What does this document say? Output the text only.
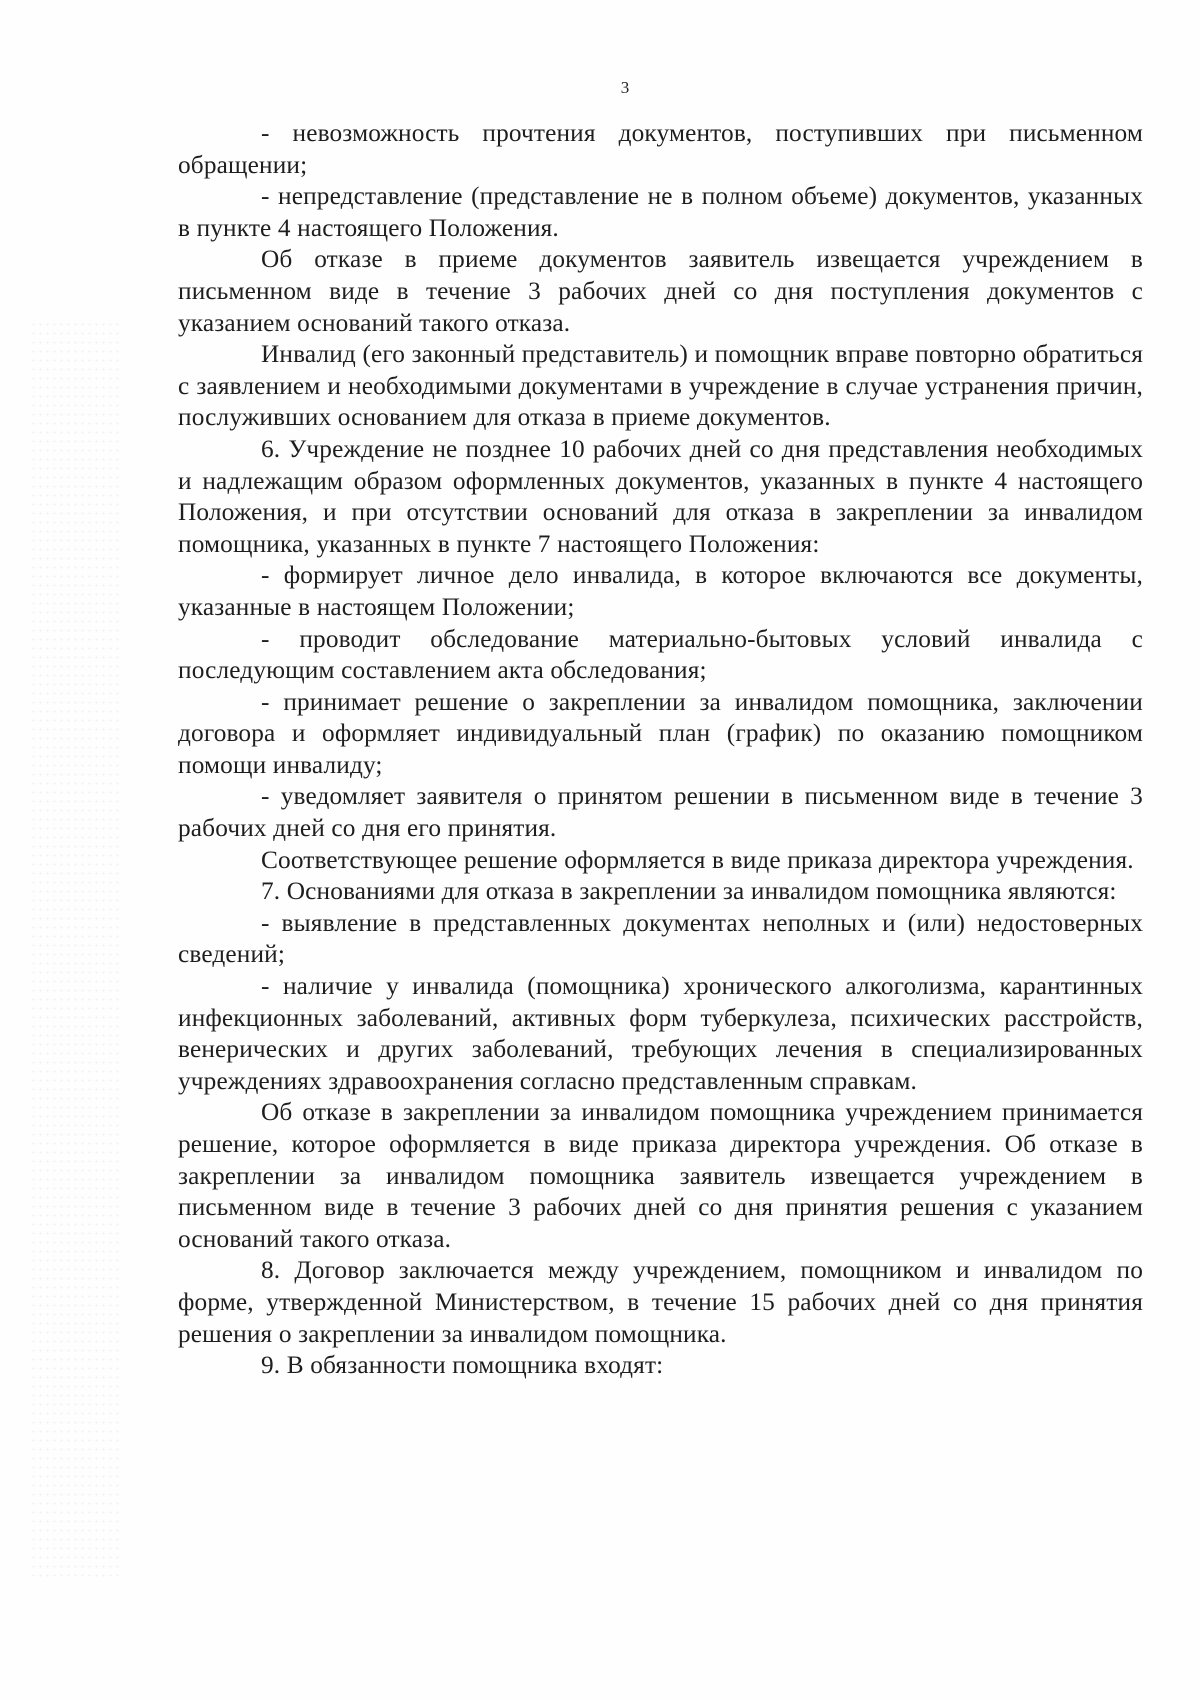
3

- невозможность прочтения документов, поступивших при письменном обращении;

- непредставление (представление не в полном объеме) документов, указанных в пункте 4 настоящего Положения.

Об отказе в приеме документов заявитель извещается учреждением в письменном виде в течение 3 рабочих дней со дня поступления документов с указанием оснований такого отказа.

Инвалид (его законный представитель) и помощник вправе повторно обратиться с заявлением и необходимыми документами в учреждение в случае устранения причин, послуживших основанием для отказа в приеме документов.

6. Учреждение не позднее 10 рабочих дней со дня представления необходимых и надлежащим образом оформленных документов, указанных в пункте 4 настоящего Положения, и при отсутствии оснований для отказа в закреплении за инвалидом помощника, указанных в пункте 7 настоящего Положения:

- формирует личное дело инвалида, в которое включаются все документы, указанные в настоящем Положении;

- проводит обследование материально-бытовых условий инвалида с последующим составлением акта обследования;

- принимает решение о закреплении за инвалидом помощника, заключении договора и оформляет индивидуальный план (график) по оказанию помощником помощи инвалиду;

- уведомляет заявителя о принятом решении в письменном виде в течение 3 рабочих дней со дня его принятия.

Соответствующее решение оформляется в виде приказа директора учреждения.

7. Основаниями для отказа в закреплении за инвалидом помощника являются:

- выявление в представленных документах неполных и (или) недостоверных сведений;

- наличие у инвалида (помощника) хронического алкоголизма, карантинных инфекционных заболеваний, активных форм туберкулеза, психических расстройств, венерических и других заболеваний, требующих лечения в специализированных учреждениях здравоохранения согласно представленным справкам.

Об отказе в закреплении за инвалидом помощника учреждением принимается решение, которое оформляется в виде приказа директора учреждения. Об отказе в закреплении за инвалидом помощника заявитель извещается учреждением в письменном виде в течение 3 рабочих дней со дня принятия решения с указанием оснований такого отказа.

8. Договор заключается между учреждением, помощником и инвалидом по форме, утвержденной Министерством, в течение 15 рабочих дней со дня принятия решения о закреплении за инвалидом помощника.

9. В обязанности помощника входят:
